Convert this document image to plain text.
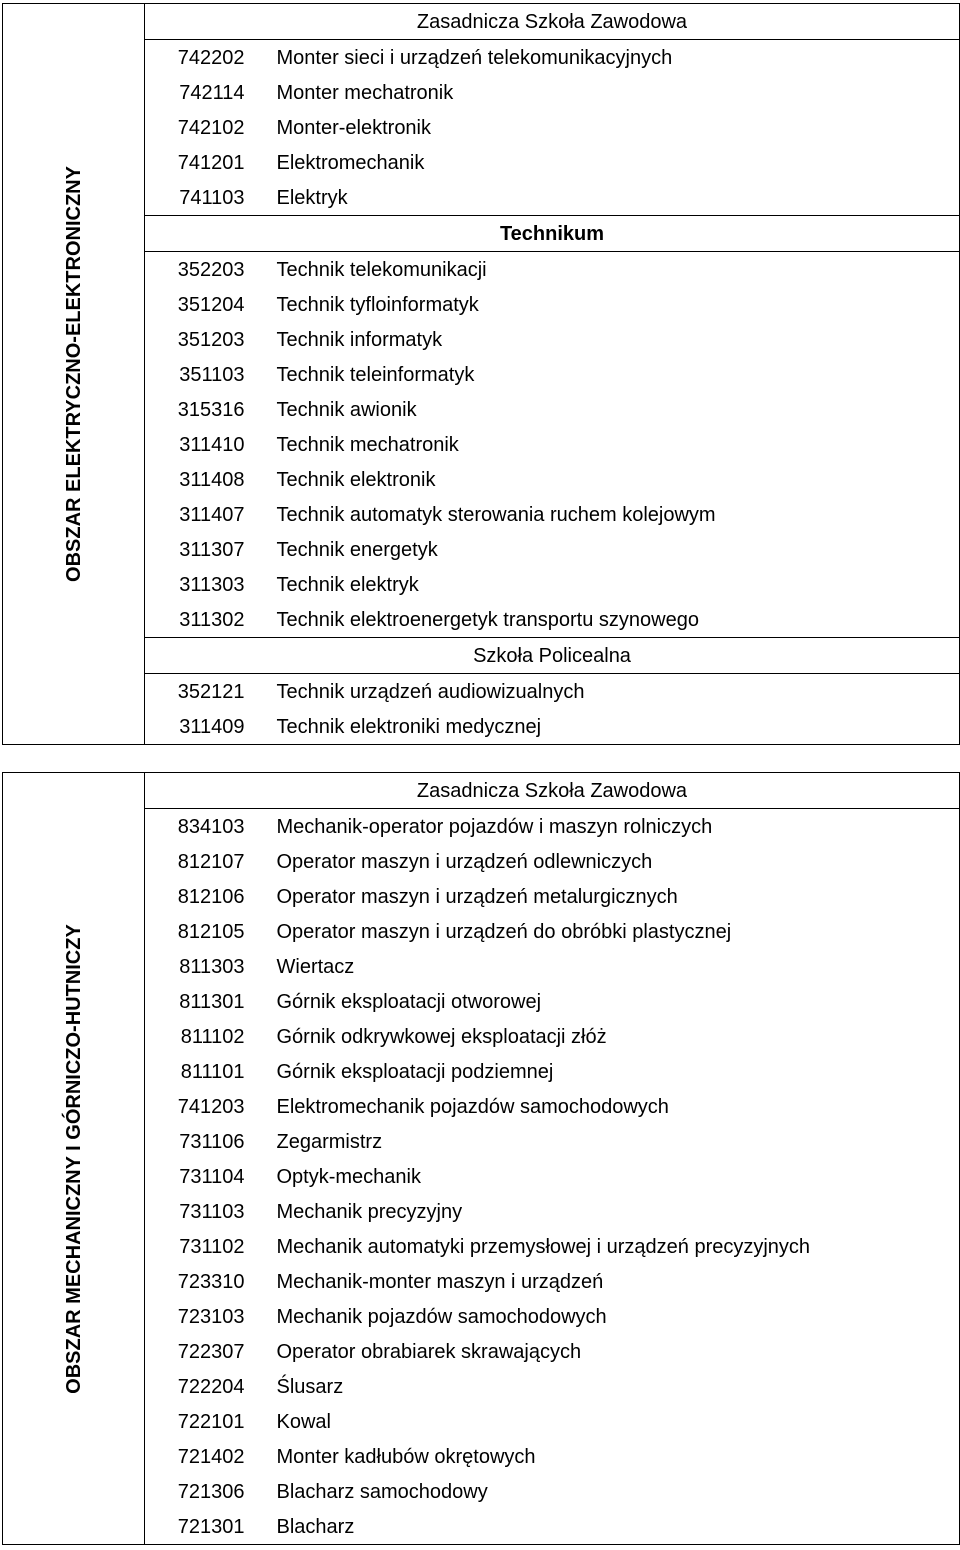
OBSZAR ELEKTRYCZNO-ELEKTRONICZNY	Zasadnicza Szkoła Zawodowa	
	742202	Monter sieci i urządzeń telekomunikacyjnych
	742114	Monter mechatronik
	742102	Monter-elektronik
	741201	Elektromechanik
	741103	Elektryk
	Technikum	
	352203	Technik telekomunikacji
	351204	Technik tyfloinformatyk
	351203	Technik informatyk
	351103	Technik teleinformatyk
	315316	Technik awionik
	311410	Technik mechatronik
	311408	Technik elektronik
	311407	Technik automatyk sterowania ruchem kolejowym
	311307	Technik energetyk
	311303	Technik elektryk
	311302	Technik elektroenergetyk transportu szynowego
	Szkoła Policealna	
	352121	Technik urządzeń audiowizualnych
	311409	Technik elektroniki medycznej
OBSZAR MECHANICZNY I GÓRNICZO-HUTNICZY	Zasadnicza Szkoła Zawodowa	
	834103	Mechanik-operator pojazdów i maszyn rolniczych
	812107	Operator maszyn i urządzeń odlewniczych
	812106	Operator maszyn i urządzeń metalurgicznych
	812105	Operator maszyn i urządzeń do obróbki plastycznej
	811303	Wiertacz
	811301	Górnik eksploatacji otworowej
	811102	Górnik odkrywkowej eksploatacji złóż
	811101	Górnik eksploatacji podziemnej
	741203	Elektromechanik pojazdów samochodowych
	731106	Zegarmistrz
	731104	Optyk-mechanik
	731103	Mechanik precyzyjny
	731102	Mechanik automatyki przemysłowej i urządzeń precyzyjnych
	723310	Mechanik-monter maszyn i urządzeń
	723103	Mechanik pojazdów samochodowych
	722307	Operator obrabiarek skrawających
	722204	Ślusarz
	722101	Kowal
	721402	Monter kadłubów okrętowych
	721306	Blacharz samochodowy
	721301	Blacharz
